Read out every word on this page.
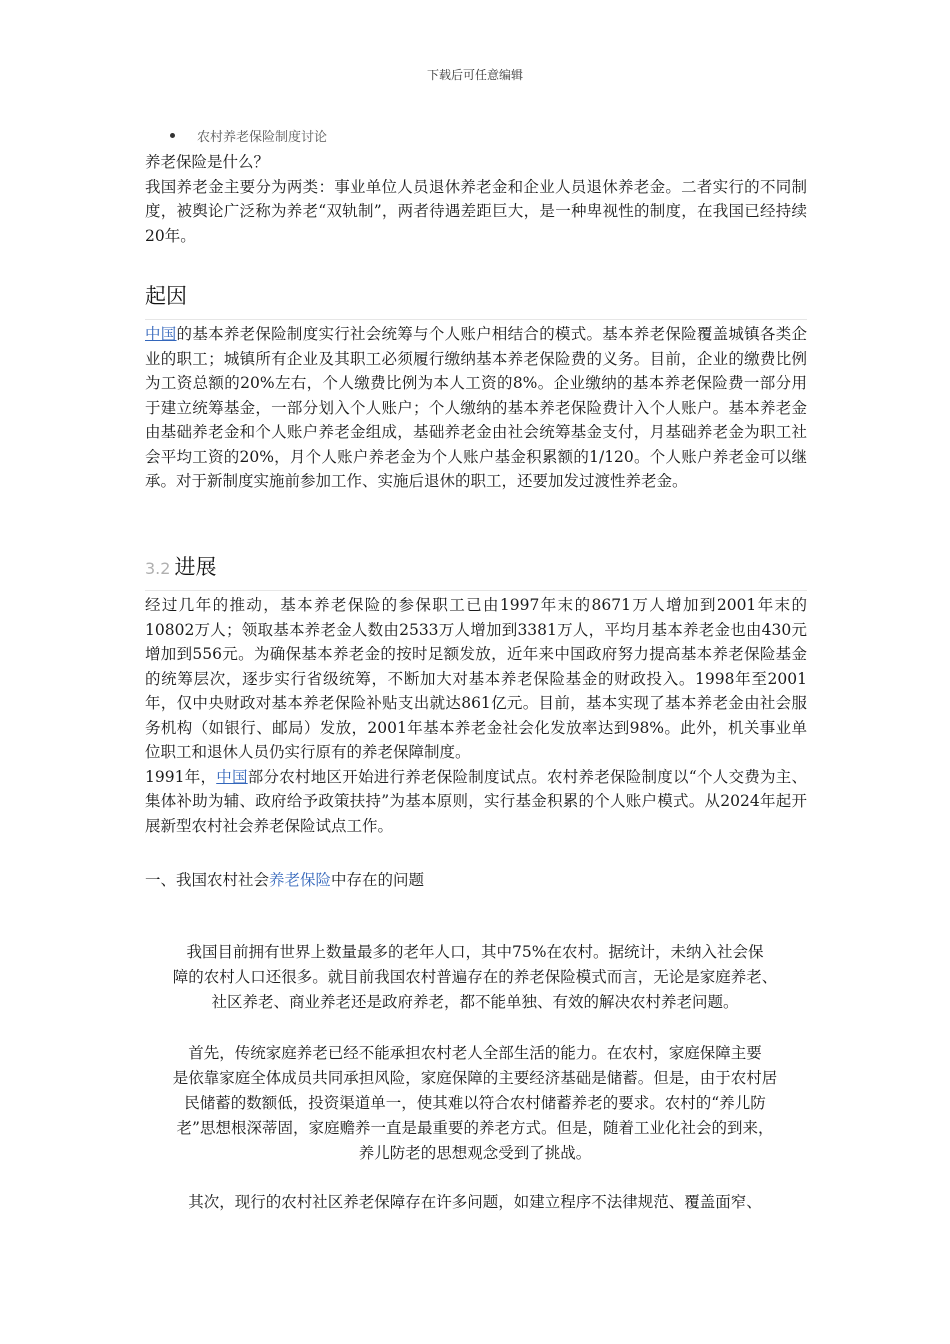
下载后可任意编辑
农村养老保险制度讨论

养老保险是什么？

我国养老金主要分为两类：事业单位人员退休养老金和企业人员退休养老金。二者实行的不同制度，被舆论广泛称为养老“双轨制”，两者待遇差距巨大，是一种卑视性的制度，在我国已经持续20年。

起因

中国的基本养老保险制度实行社会统筹与个人账户相结合的模式。基本养老保险覆盖城镇各类企业的职工；城镇所有企业及其职工必须履行缴纳基本养老保险费的义务。目前，企业的缴费比例为工资总额的20%左右，个人缴费比例为本人工资的8%。企业缴纳的基本养老保险费一部分用于建立统筹基金，一部分划入个人账户；个人缴纳的基本养老保险费计入个人账户。基本养老金由基础养老金和个人账户养老金组成，基础养老金由社会统筹基金支付，月基础养老金为职工社会平均工资的20%，月个人账户养老金为个人账户基金积累额的1/120。个人账户养老金可以继承。对于新制度实施前参加工作、实施后退休的职工，还要加发过渡性养老金。

3.2 进展

经过几年的推动，基本养老保险的参保职工已由1997年末的8671万人增加到2001年末的10802万人；领取基本养老金人数由2533万人增加到3381万人，平均月基本养老金也由430元增加到556元。为确保基本养老金的按时足额发放，近年来中国政府努力提高基本养老保险基金的统筹层次，逐步实行省级统筹，不断加大对基本养老保险基金的财政投入。1998年至2001年，仅中央财政对基本养老保险补贴支出就达861亿元。目前，基本实现了基本养老金由社会服务机构（如银行、邮局）发放，2001年基本养老金社会化发放率达到98%。此外，机关事业单位职工和退休人员仍实行原有的养老保障制度。

1991年，中国部分农村地区开始进行养老保险制度试点。农村养老保险制度以“个人交费为主、集体补助为辅、政府给予政策扶持”为基本原则，实行基金积累的个人账户模式。从2024年起开展新型农村社会养老保险试点工作。

一、我国农村社会养老保险中存在的问题

我国目前拥有世界上数量最多的老年人口，其中75%在农村。据统计，未纳入社会保

障的农村人口还很多。就目前我国农村普遍存在的养老保险模式而言，无论是家庭养老、

社区养老、商业养老还是政府养老，都不能单独、有效的解决农村养老问题。

首先，传统家庭养老已经不能承担农村老人全部生活的能力。在农村，家庭保障主要

是依靠家庭全体成员共同承担风险，家庭保障的主要经济基础是储蓄。但是，由于农村居

民储蓄的数额低，投资渠道单一，使其难以符合农村储蓄养老的要求。农村的“养儿防

老”思想根深蒂固，家庭赡养一直是最重要的养老方式。但是，随着工业化社会的到来，

养儿防老的思想观念受到了挑战。

其次，现行的农村社区养老保障存在许多问题，如建立程序不法律规范、覆盖面窄、
